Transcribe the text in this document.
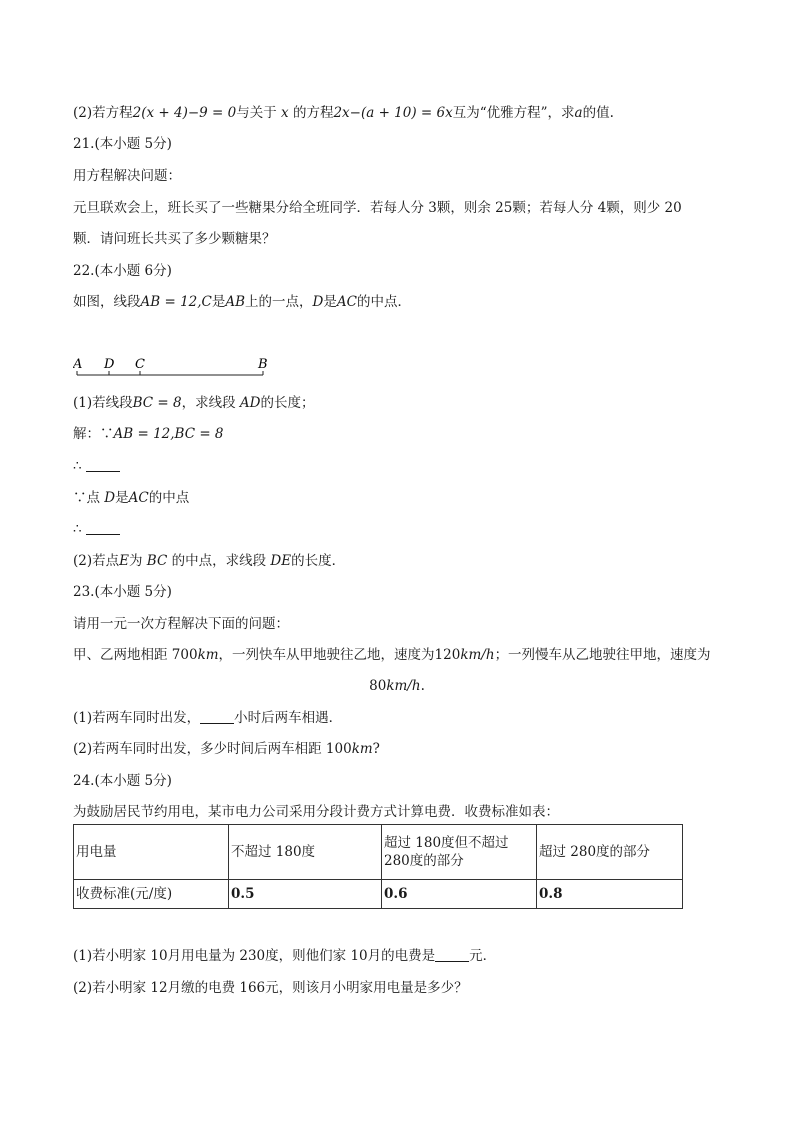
(2)若方程2(x + 4)−9 = 0与关于 x 的方程2x−(a + 10) = 6x互为“优雅方程”，求a的值.
21.(本小题 5分)
用方程解决问题：
元旦联欢会上，班长买了一些糖果分给全班同学．若每人分 3颗，则余 25颗；若每人分 4颗，则少 20
颗．请问班长共买了多少颗糖果？
22.(本小题 6分)
如图，线段AB = 12,C是AB上的一点，D是AC的中点．
A D C	B
(1)若线段BC = 8，求线段 AD的长度；
解：∵AB = 12,BC = 8
∴
∵点 D是AC的中点
∴
(2)若点E为 BC 的中点，求线段 DE的长度．
23.(本小题 5分)
请用一元一次方程解决下面的问题：
甲、乙两地相距 700km，一列快车从甲地驶往乙地，速度为120km/h；一列慢车从乙地驶往甲地，速度为
80km/h.
(1)若两车同时出发，	小时后两车相遇．
(2)若两车同时出发，多少时间后两车相距 100km?
24.(本小题 5分)
为鼓励居民节约用电，某市电力公司采用分段计费方式计算电费．收费标准如表：
用电量	不超过 180度	超过 180度但不超过 280度的部分	超过 280度的部分
收费标准(元/度)	0.5	0.6	0.8
(1)若小明家 10月用电量为 230度，则他们家 10月的电费是	元．
(2)若小明家 12月缴的电费 166元，则该月小明家用电量是多少？
